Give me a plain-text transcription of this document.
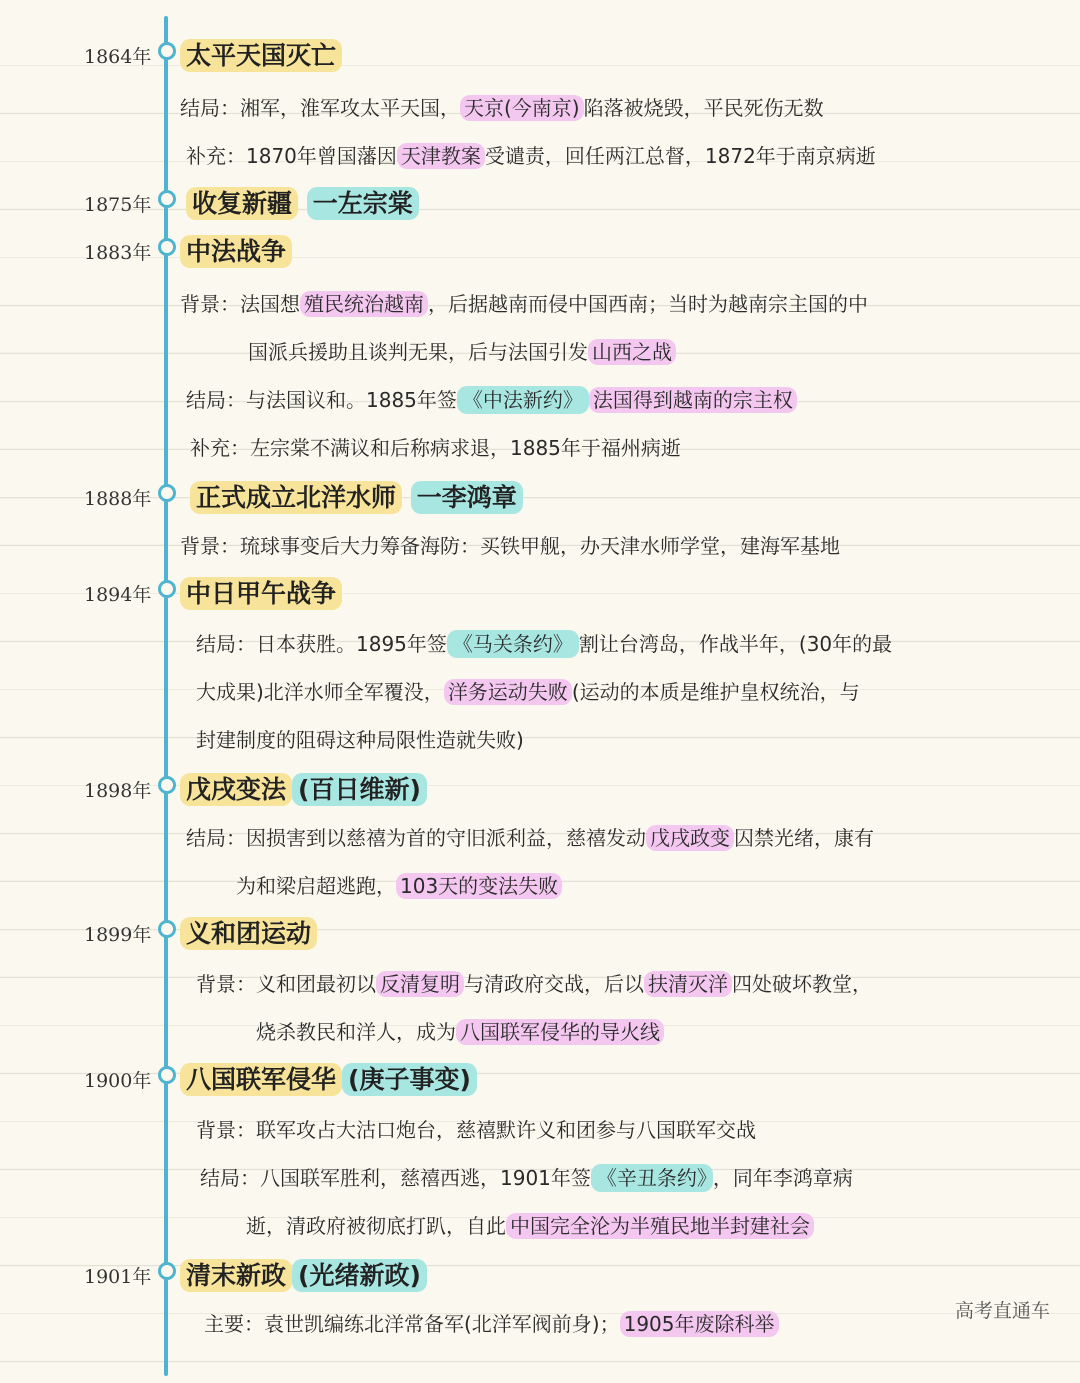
1864年 太平天国灭亡
结局：湘军，淮军攻太平天国， 天京(今南京) 陷落被烧毁，平民死伤无数
补充：1870年曾国藩因 天津教案 受谴责，回任两江总督，1872年于南京病逝
1875年 收复新疆 一左宗棠
1883年 中法战争
背景：法国想 殖民统治越南 ，后据越南而侵中国西南；当时为越南宗主国的中
国派兵援助且谈判无果，后与法国引发 山西之战
结局：与法国议和。1885年签 《中法新约》 法国得到越南的宗主权
补充：左宗棠不满议和后称病求退，1885年于福州病逝
1888年 正式成立北洋水师 一李鸿章
背景：琉球事变后大力筹备海防：买铁甲舰，办天津水师学堂，建海军基地
1894年 中日甲午战争
结局：日本获胜。1895年签 《马关条约》 割让台湾岛，作战半年，(30年的最
大成果)北洋水师全军覆没， 洋务运动失败 (运动的本质是维护皇权统治，与
封建制度的阻碍这种局限性造就失败)
1898年 戊戌变法 (百日维新)
结局：因损害到以慈禧为首的守旧派利益，慈禧发动 戊戌政变 囚禁光绪，康有
为和梁启超逃跑， 103天的变法失败
1899年 义和团运动
背景：义和团最初以 反清复明 与清政府交战，后以 扶清灭洋 四处破坏教堂，
烧杀教民和洋人，成为 八国联军侵华的导火线
1900年 八国联军侵华 (庚子事变)
背景：联军攻占大沽口炮台，慈禧默许义和团参与八国联军交战
结局：八国联军胜利，慈禧西逃，1901年签 《辛丑条约》 ，同年李鸿章病
逝，清政府被彻底打趴，自此 中国完全沦为半殖民地半封建社会
1901年 清末新政 (光绪新政)
主要：袁世凯编练北洋常备军(北洋军阀前身)； 1905年废除科举
高考直通车
